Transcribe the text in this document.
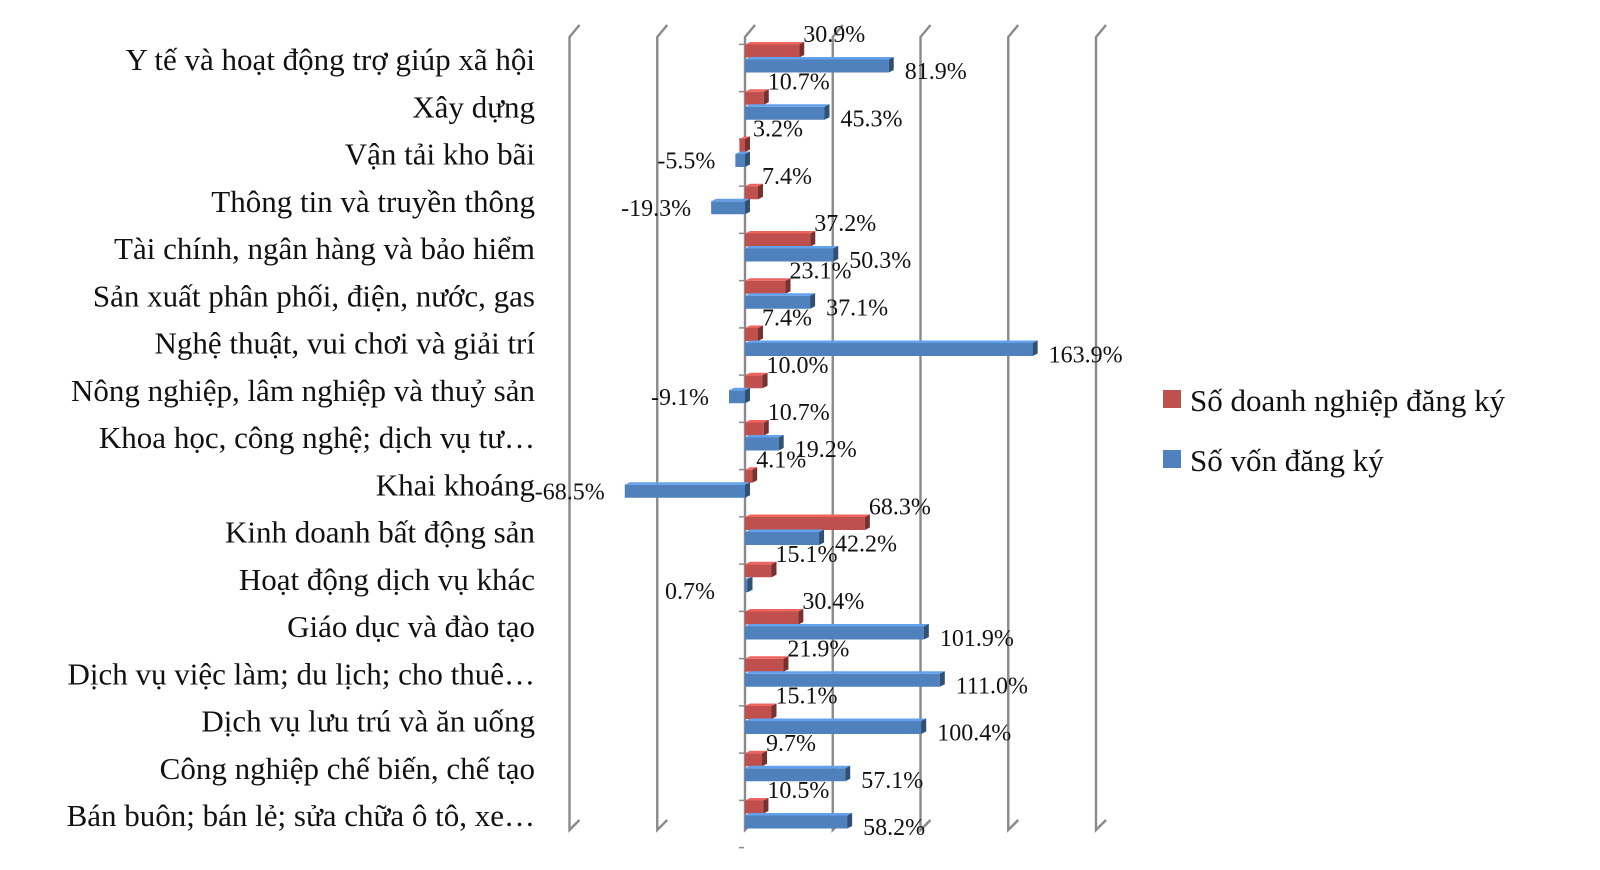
Y tế và hoạt động trợ giúp xã hội
Xây dựng
Vận tải kho bãi
Thông tin và truyền thông
Tài chính, ngân hàng và bảo hiểm
Sản xuất phân phối, điện, nước, gas
Nghệ thuật, vui chơi và giải trí
Nông nghiệp, lâm nghiệp và thuỷ sản
Khoa học, công nghệ; dịch vụ tư…
Khai khoáng
Kinh doanh bất động sản
Hoạt động dịch vụ khác
Giáo dục và đào tạo
Dịch vụ việc làm; du lịch; cho thuê…
Dịch vụ lưu trú và ăn uống
Công nghiệp chế biến, chế tạo
Bán buôn; bán lẻ; sửa chữa ô tô, xe…
30.9%
81.9%
10.7%
45.3%
3.2%
-5.5%
7.4%
-19.3%
37.2%
50.3%
23.1%
37.1%
7.4%
163.9%
10.0%
-9.1%
10.7%
19.2%
4.1%
-68.5%
68.3%
42.2%
15.1%
0.7%	30.4%
101.9%
21.9%
111.0%
15.1%
100.4%
9.7%
57.1%
10.5%
58.2%
Số doanh nghiệp đăng ký
Số vốn đăng ký
